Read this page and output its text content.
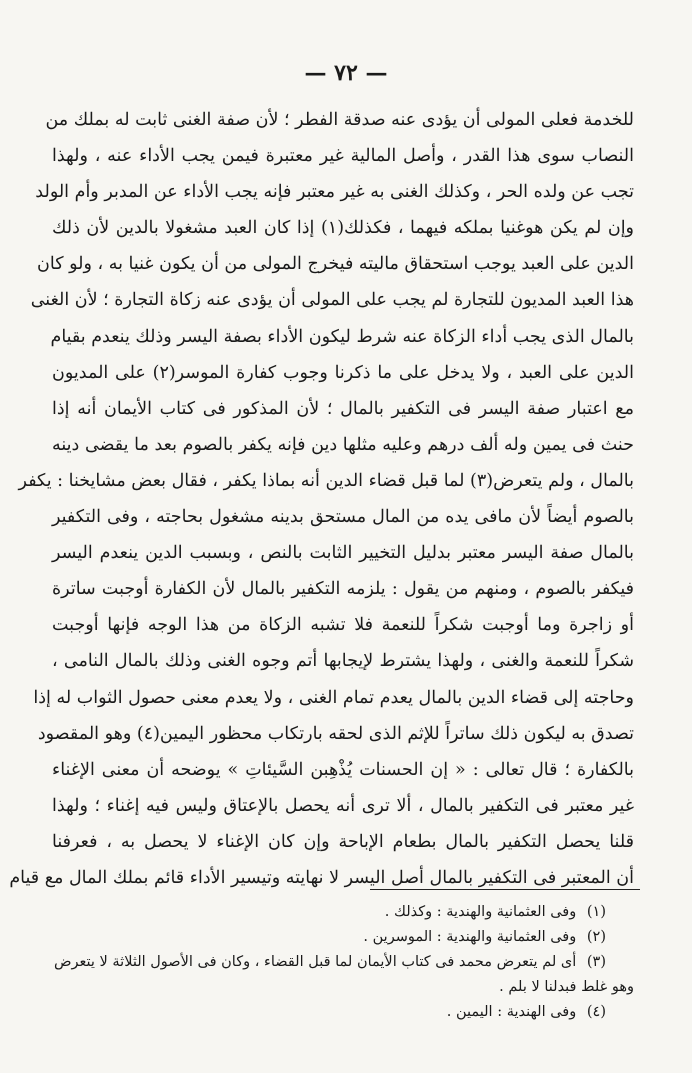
— ٧٢ —
للخدمة فعلى المولى أن يؤدى عنه صدقة الفطر ؛ لأن صفة الغنى ثابت له بملك من
النصاب سوى هذا القدر ، وأصل المالية غير معتبرة فيمن يجب الأداء عنه ، ولهذا
تجب عن ولده الحر ، وكذلك الغنى به غير معتبر فإنه يجب الأداء عن المدبر وأم الولد
وإن لم يكن هوغنيا بملكه فيهما ، فكذلك(١) إذا كان العبد مشغولا بالدين لأن ذلك
الدين على العبد يوجب استحقاق ماليته فيخرج المولى من أن يكون غنيا به ، ولو كان
هذا العبد المديون للتجارة لم يجب على المولى أن يؤدى عنه زكاة التجارة ؛ لأن الغنى
بالمال الذى يجب أداء الزكاة عنه شرط ليكون الأداء بصفة اليسر وذلك ينعدم بقيام
الدين على العبد ، ولا يدخل على ما ذكرنا وجوب كفارة الموسر(٢) على المديون
مع اعتبار صفة اليسر فى التكفير بالمال ؛ لأن المذكور فى كتاب الأيمان أنه إذا
حنث فى يمين وله ألف درهم وعليه مثلها دين فإنه يكفر بالصوم بعد ما يقضى دينه
بالمال ، ولم يتعرض(٣) لما قبل قضاء الدين أنه بماذا يكفر ، فقال بعض مشايخنا : يكفر
بالصوم أيضاً لأن مافى يده من المال مستحق بدينه مشغول بحاجته ، وفى التكفير
بالمال صفة اليسر معتبر بدليل التخيير الثابت بالنص ، وبسبب الدين ينعدم اليسر
فيكفر بالصوم ، ومنهم من يقول : يلزمه التكفير بالمال لأن الكفارة أوجبت ساترة
أو زاجرة وما أوجبت شكراً للنعمة فلا تشبه الزكاة من هذا الوجه فإنها أوجبت
شكراً للنعمة والغنى ، ولهذا يشترط لإيجابها أتم وجوه الغنى وذلك بالمال النامى ،
وحاجته إلى قضاء الدين بالمال يعدم تمام الغنى ، ولا يعدم معنى حصول الثواب له إذا
تصدق به ليكون ذلك ساتراً للإثم الذى لحقه بارتكاب محظور اليمين(٤) وهو المقصود
بالكفارة ؛ قال تعالى : « إن الحسنات يُذْهِبن السَّيئاتِ » يوضحه أن معنى الإغناء
غير معتبر فى التكفير بالمال ، ألا ترى أنه يحصل بالإعتاق وليس فيه إغناء ؛ ولهذا
قلنا يحصل التكفير بالمال بطعام الإباحة وإن كان الإغناء لا يحصل به ، فعرفنا
أن المعتبر فى التكفير بالمال أصل اليسر لا نهايته وتيسير الأداء قائم بملك المال مع قيام
(١) وفى العثمانية والهندية : وكذلك .
(٢) وفى العثمانية والهندية : الموسرين .
(٣) أى لم يتعرض محمد فى كتاب الأيمان لما قبل القضاء ، وكان فى الأصول الثلاثة لا يتعرض
وهو غلط فبدلنا لا بلم .
(٤) وفى الهندية : اليمين .
